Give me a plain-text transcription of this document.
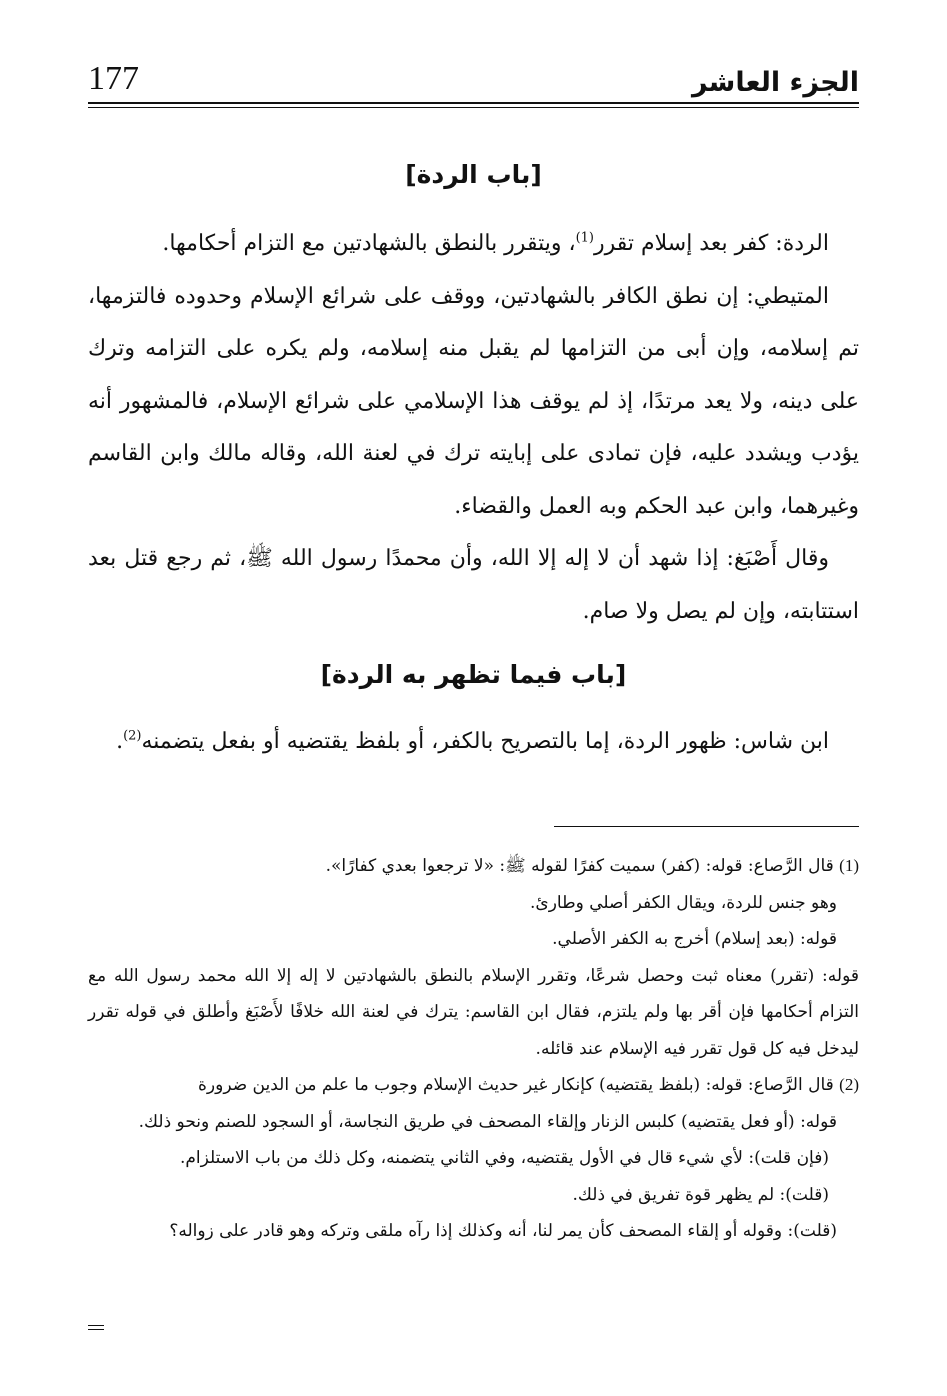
الجزء العاشر
177
[باب الردة]

الردة: كفر بعد إسلام تقرر$^{(1)}$، ويتقرر بالنطق بالشهادتين مع التزام أحكامها.

المتيطي: إن نطق الكافر بالشهادتين، ووقف على شرائع الإسلام وحدوده فالتزمها، تم إسلامه، وإن أبى من التزامها لم يقبل منه إسلامه، ولم يكره على التزامه وترك على دينه، ولا يعد مرتدًا، إذ لم يوقف هذا الإسلامي على شرائع الإسلام، فالمشهور أنه يؤدب ويشدد عليه، فإن تمادى على إبايته ترك في لعنة الله، وقاله مالك وابن القاسم وغيرهما، وابن عبد الحكم وبه العمل والقضاء.

وقال أَصْبَغ: إذا شهد أن لا إله إلا الله، وأن محمدًا رسول الله ﷺ، ثم رجع قتل بعد استتابته، وإن لم يصل ولا صام.

[باب فيما تظهر به الردة]

ابن شاس: ظهور الردة، إما بالتصريح بالكفر، أو بلفظ يقتضيه أو بفعل يتضمنه$^{(2)}$.

(1) قال الرَّصاع: قوله: (كفر) سميت كفرًا لقوله ﷺ: «لا ترجعوا بعدي كفارًا».

وهو جنس للردة، ويقال الكفر أصلي وطارئ.

قوله: (بعد إسلام) أخرج به الكفر الأصلي.

قوله: (تقرر) معناه ثبت وحصل شرعًا، وتقرر الإسلام بالنطق بالشهادتين لا إله إلا الله محمد رسول الله مع التزام أحكامها فإن أقر بها ولم يلتزم، فقال ابن القاسم: يترك في لعنة الله خلافًا لأَصْبَغ وأطلق في قوله تقرر ليدخل فيه كل قول تقرر فيه الإسلام عند قائله.

(2) قال الرَّصاع: قوله: (بلفظ يقتضيه) كإنكار غير حديث الإسلام وجوب ما علم من الدين ضرورة

قوله: (أو فعل يقتضيه) كلبس الزنار وإلقاء المصحف في طريق النجاسة، أو السجود للصنم ونحو ذلك.

(فإن قلت): لأي شيء قال في الأول يقتضيه، وفي الثاني يتضمنه، وكل ذلك من باب الاستلزام.

(قلت): لم يظهر قوة تفريق في ذلك.

(قلت): وقوله أو إلقاء المصحف كأن يمر لنا، أنه وكذلك إذا رآه ملقى وتركه وهو قادر على زواله؟
